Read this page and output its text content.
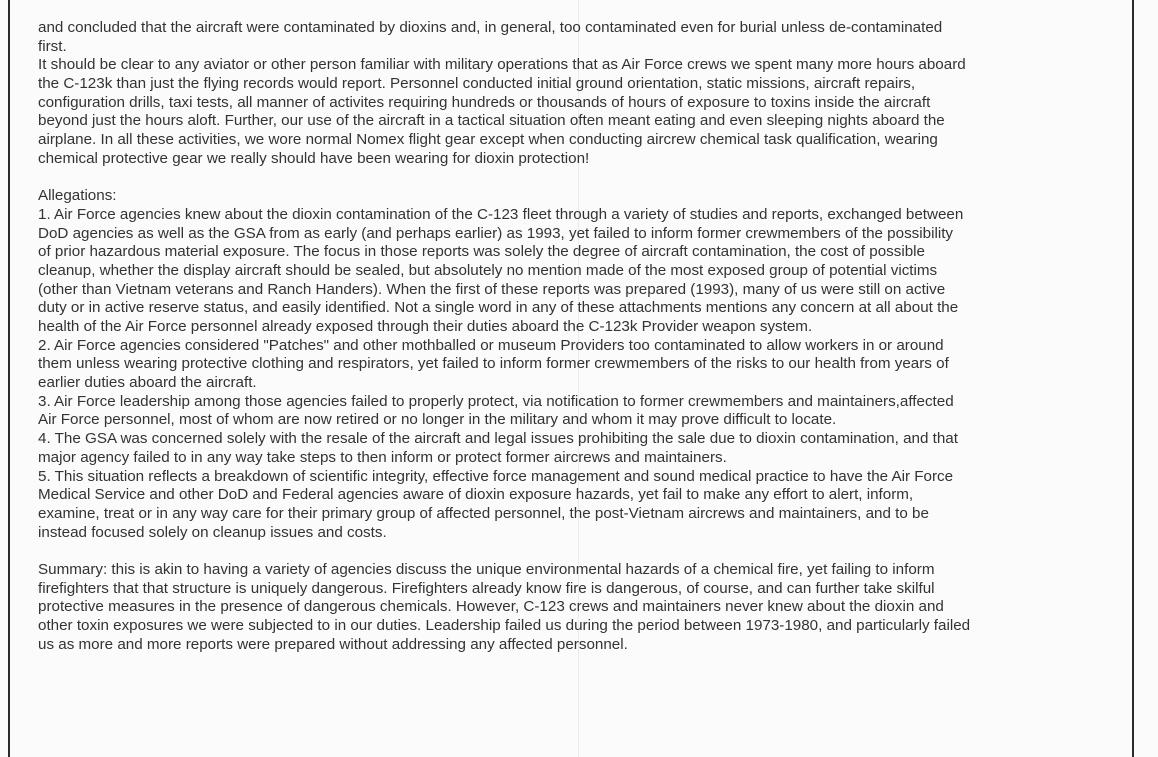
and concluded that the aircraft were contaminated by dioxins and, in general, too contaminated even for burial unless de-contaminated
first.
It should be clear to any aviator or other person familiar with military operations that as Air Force crews we spent many more hours aboard
the C-123k than just the flying records would report. Personnel conducted initial ground orientation, static missions, aircraft repairs,
configuration drills, taxi tests, all manner of activites requiring hundreds or thousands of hours of exposure to toxins inside the aircraft
beyond just the hours aloft. Further, our use of the aircraft in a tactical situation often meant eating and even sleeping nights aboard the
airplane. In all these activities, we wore normal Nomex flight gear except when conducting aircrew chemical task qualification, wearing
chemical protective gear we really should have been wearing for dioxin protection!
Allegations:
1. Air Force agencies knew about the dioxin contamination of the C-123 fleet through a variety of studies and reports, exchanged between
DoD agencies as well as the GSA from as early (and perhaps earlier) as 1993, yet failed to inform former crewmembers of the possibility
of prior hazardous material exposure. The focus in those reports was solely the degree of aircraft contamination, the cost of possible
cleanup, whether the display aircraft should be sealed, but absolutely no mention made of the most exposed group of potential victims
(other than Vietnam veterans and Ranch Handers). When the first of these reports was prepared (1993), many of us were still on active
duty or in active reserve status, and easily identified. Not a single word in any of these attachments mentions any concern at all about the
health of the Air Force personnel already exposed through their duties aboard the C-123k Provider weapon system.
2. Air Force agencies considered "Patches" and other mothballed or museum Providers too contaminated to allow workers in or around
them unless wearing protective clothing and respirators, yet failed to inform former crewmembers of the risks to our health from years of
earlier duties aboard the aircraft.
3. Air Force leadership among those agencies failed to properly protect, via notification to former crewmembers and maintainers,affected
Air Force personnel, most of whom are now retired or no longer in the military and whom it may prove difficult to locate.
4. The GSA was concerned solely with the resale of the aircraft and legal issues prohibiting the sale due to dioxin contamination, and that
major agency failed to in any way take steps to then inform or protect former aircrews and maintainers.
5. This situation reflects a breakdown of scientific integrity, effective force management and sound medical practice to have the Air Force
Medical Service and other DoD and Federal agencies aware of dioxin exposure hazards, yet fail to make any effort to alert, inform,
examine, treat or in any way care for their primary group of affected personnel, the post-Vietnam aircrews and maintainers, and to be
instead focused solely on cleanup issues and costs.
Summary: this is akin to having a variety of agencies discuss the unique environmental hazards of a chemical fire, yet failing to inform
firefighters that that structure is uniquely dangerous. Firefighters already know fire is dangerous, of course, and can further take skilful
protective measures in the presence of dangerous chemicals. However, C-123 crews and maintainers never knew about the dioxin and
other toxin exposures we were subjected to in our duties. Leadership failed us during the period between 1973-1980, and particularly failed
us as more and more reports were prepared without addressing any affected personnel.
